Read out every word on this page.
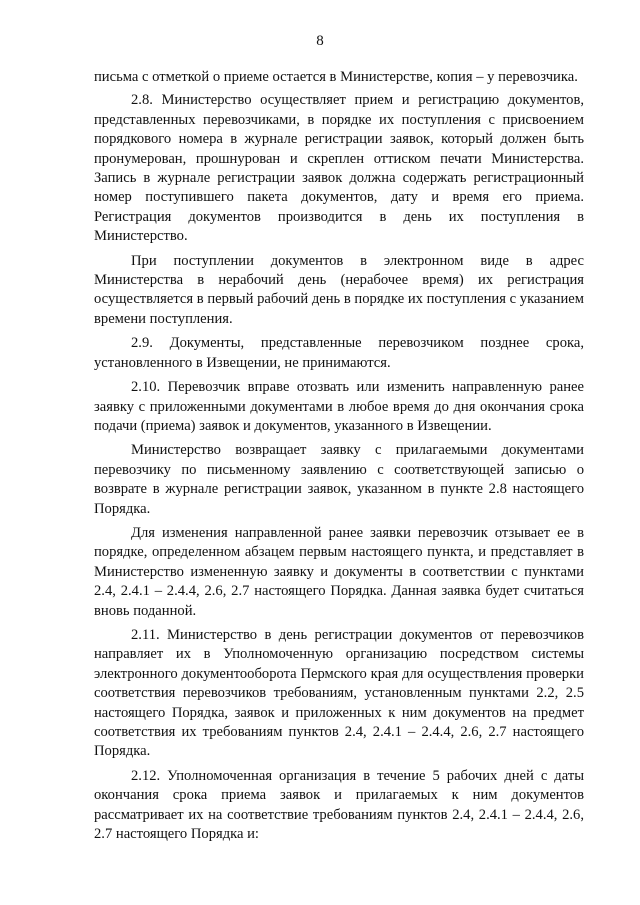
8

письма с отметкой о приеме остается в Министерстве, копия – у перевозчика.

2.8. Министерство осуществляет прием и регистрацию документов, представленных перевозчиками, в порядке их поступления с присвоением порядкового номера в журнале регистрации заявок, который должен быть пронумерован, прошнурован и скреплен оттиском печати Министерства. Запись в журнале регистрации заявок должна содержать регистрационный номер поступившего пакета документов, дату и время его приема. Регистрация документов производится в день их поступления в Министерство.

При поступлении документов в электронном виде в адрес Министерства в нерабочий день (нерабочее время) их регистрация осуществляется в первый рабочий день в порядке их поступления с указанием времени поступления.

2.9. Документы, представленные перевозчиком позднее срока, установленного в Извещении, не принимаются.

2.10. Перевозчик вправе отозвать или изменить направленную ранее заявку с приложенными документами в любое время до дня окончания срока подачи (приема) заявок и документов, указанного в Извещении.

Министерство возвращает заявку с прилагаемыми документами перевозчику по письменному заявлению с соответствующей записью о возврате в журнале регистрации заявок, указанном в пункте 2.8 настоящего Порядка.

Для изменения направленной ранее заявки перевозчик отзывает ее в порядке, определенном абзацем первым настоящего пункта, и представляет в Министерство измененную заявку и документы в соответствии с пунктами 2.4, 2.4.1 – 2.4.4, 2.6, 2.7 настоящего Порядка. Данная заявка будет считаться вновь поданной.

2.11. Министерство в день регистрации документов от перевозчиков направляет их в Уполномоченную организацию посредством системы электронного документооборота Пермского края для осуществления проверки соответствия перевозчиков требованиям, установленным пунктами 2.2, 2.5 настоящего Порядка, заявок и приложенных к ним документов на предмет соответствия их требованиям пунктов 2.4, 2.4.1 – 2.4.4, 2.6, 2.7 настоящего Порядка.

2.12. Уполномоченная организация в течение 5 рабочих дней с даты окончания срока приема заявок и прилагаемых к ним документов рассматривает их на соответствие требованиям пунктов 2.4, 2.4.1 – 2.4.4, 2.6, 2.7 настоящего Порядка и:
